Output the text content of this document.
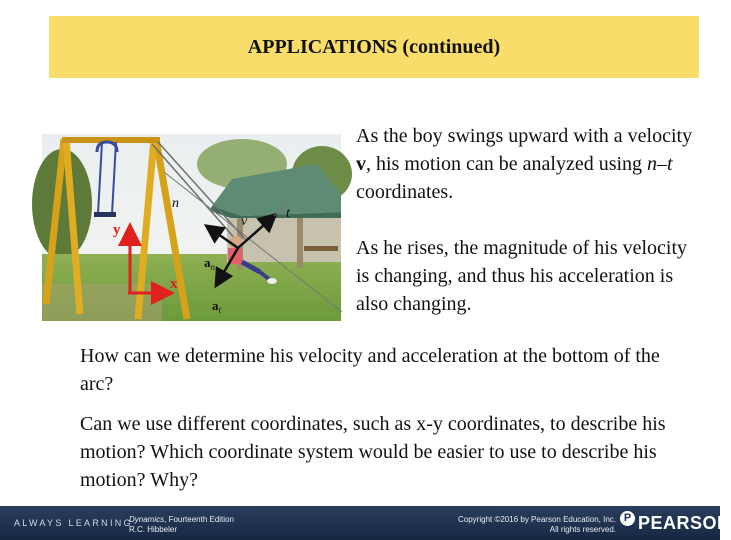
APPLICATIONS (continued)
n
v
t
$a_n$
$a_t$
y
x

As the boy swings upward with a velocity v, his motion can be analyzed using n–t coordinates.

As he rises, the magnitude of his velocity is changing, and thus his acceleration is also changing.

How can we determine his velocity and acceleration at the bottom of the arc?

Can we use different coordinates, such as x-y coordinates, to describe his motion? Which coordinate system would be easier to use to describe his motion? Why?

ALWAYS LEARNING
Dynamics, Fourteenth Edition
R.C. Hibbeler
Copyright ©2016 by Pearson Education, Inc.
All rights reserved.
P PEARSON
